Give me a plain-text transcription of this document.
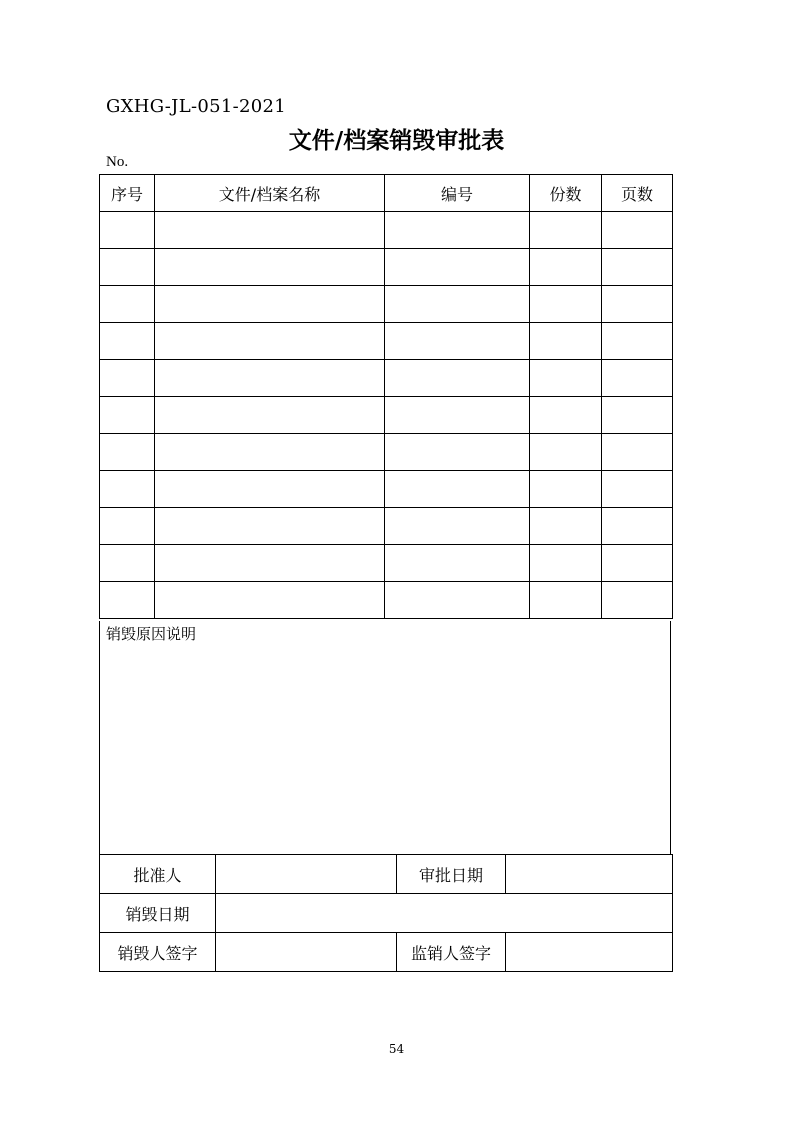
GXHG-JL-051-2021
文件/档案销毁审批表
No.
序号	文件/档案名称	编号	份数	页数

销毁原因说明
批准人		审批日期	
销毁日期			
销毁人签字		监销人签字	
54
